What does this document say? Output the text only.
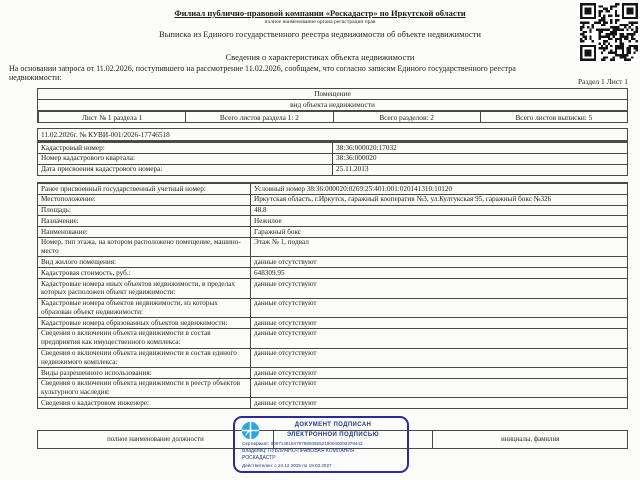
Филиал публично-правовой компании «Роскадастр» по Иркутской области
полное наименование органа регистрации прав
Выписка из Единого государственного реестра недвижимости об объекте недвижимости
Сведения о характеристиках объекта недвижимости
На основании запроса от 11.02.2026, поступившего на рассмотрение 11.02.2026, сообщаем, что согласно записям Единого государственного реестра недвижимости:	Раздел 1 Лист 1
Помещение
вид объекта недвижимости
Лист № 1 раздела 1	Всего листов раздела 1: 2	Всего разделов: 2	Всего листов выписки: 5
11.02.2026г. № КУВИ-001/2026-17746518
Кадастровый номер:	38:36:000020:17032
Номер кадастрового квартала:	38:36:000020
Дата присвоения кадастрового номера:	25.11.2013
Ранее присвоенный государственный учетный номер:	Условный номер 38:36:000020:0269:25:401:001:020141310:10120
Местоположение:	Иркутская область, г.Иркутск, гаражный кооператив №3, ул.Култукская 95, гаражный бокс №326
Площадь:	48.8
Назначение:	Нежилое
Наименование:	Гаражный бокс
Номер, тип этажа, на котором расположено помещение, машино-место
Этаж № 1, подвал
Вид жилого помещения:	данные отсутствуют
Кадастровая стоимость, руб.:	648309.95
Кадастровые номера иных объектов недвижимости, в пределах которых расположен объект недвижимости:
данные отсутствуют
Кадастровые номера объектов недвижимости, из которых образован объект недвижимости:
данные отсутствуют
Кадастровые номера образованных объектов недвижимости:	данные отсутствуют
Сведения о включении объекта недвижимости в состав предприятия как имущественного комплекса:
данные отсутствуют
Сведения о включении объекта недвижимости в состав единого недвижимого комплекса:
данные отсутствуют
Виды разрешенного использования:	данные отсутствуют
Сведения о включении объекта недвижимости в реестр объектов культурного наследия:
данные отсутствуют
Сведения о кадастровом инженере:	данные отсутствуют
полное наименование должности	инициалы, фамилия
ДОКУМЕНТ ПОДПИСАН
ЭЛЕКТРОННОЙ ПОДПИСЬЮ
Сертификат: 009714818479798005552190040000378443
Владелец: ПУБЛИЧНО-ПРАВОВАЯ КОМПАНИЯ
РОСКАДАСТР
Действителен: с 24.12.2025 по 19.03.2027
